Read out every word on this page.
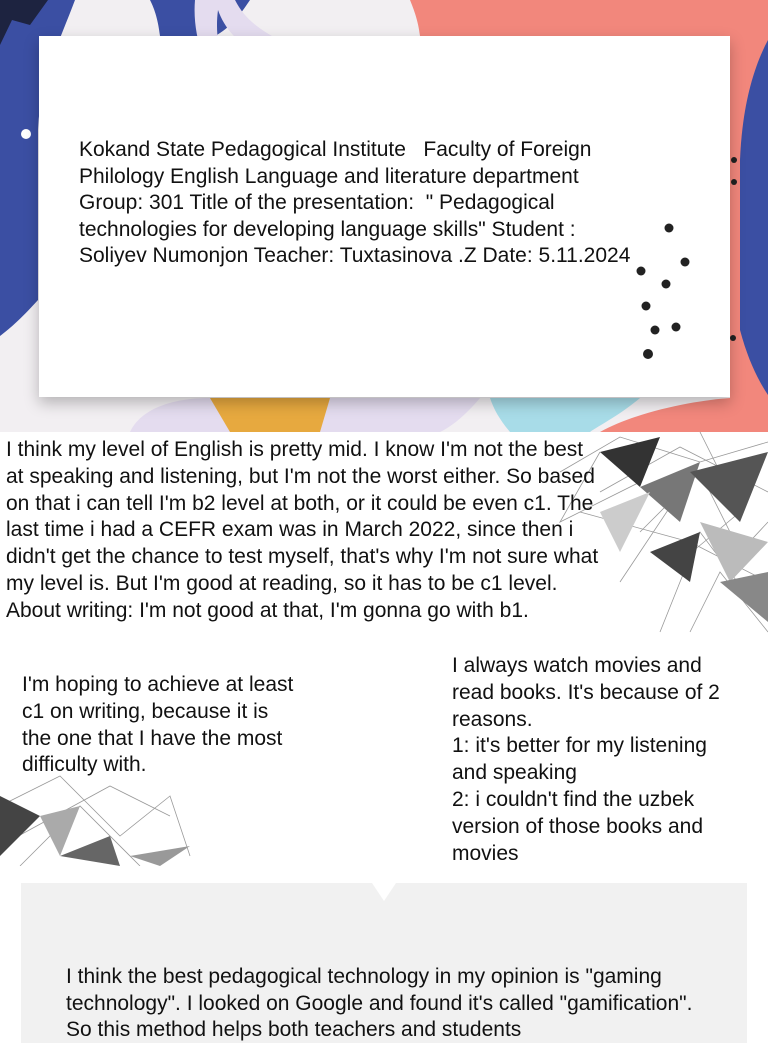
Kokand State Pedagogical Institute   Faculty of Foreign Philology English Language and literature department Group: 301 Title of the presentation:  " Pedagogical technologies for developing language skills" Student : Soliyev Numonjon Teacher: Tuxtasinova .Z Date: 5.11.2024

I think my level of English is pretty mid. I know I'm not the best at speaking and listening, but I'm not the worst either. So based on that i can tell I'm b2 level at both, or it could be even c1. The last time i had a CEFR exam was in March 2022, since then i didn't get the chance to test myself, that's why I'm not sure what my level is. But I'm good at reading, so it has to be c1 level. About writing: I'm not good at that, I'm gonna go with b1.

I'm hoping to achieve at least c1 on writing, because it is the one that I have the most difficulty with.

I always watch movies and read books. It's because of 2 reasons.
1: it's better for my listening and speaking
2: i couldn't find the uzbek version of those books and movies

I think the best pedagogical technology in my opinion is "gaming technology". I looked on Google and found it's called "gamification". So this method helps both teachers and students
